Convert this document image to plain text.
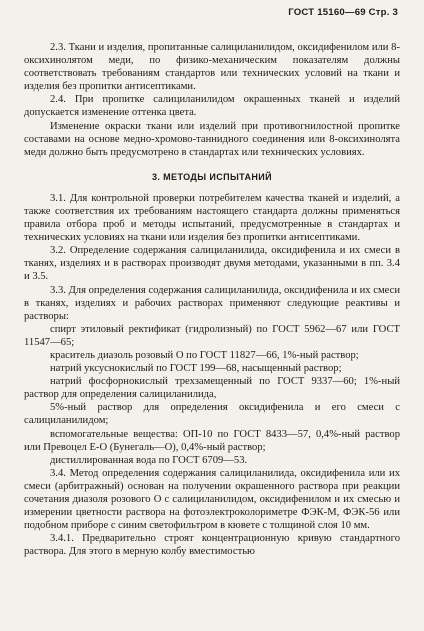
ГОСТ 15160—69 Стр. 3

2.3. Ткани и изделия, пропитанные салициланилидом, оксидифенилом или 8-оксихинолятом меди, по физико-механическим показателям должны соответствовать требованиям стандартов или технических условий на ткани и изделия без пропитки антисептиками.

2.4. При пропитке салициланилидом окрашенных тканей и изделий допускается изменение оттенка цвета.

Изменение окраски ткани или изделий при противогнилостной пропитке составами на основе медно-хромово-таннидного соединения или 8-оксихинолята меди должно быть предусмотрено в стандартах или технических условиях.

3. МЕТОДЫ ИСПЫТАНИЙ

3.1. Для контрольной проверки потребителем качества тканей и изделий, а также соответствия их требованиям настоящего стандарта должны применяться правила отбора проб и методы испытаний, предусмотренные в стандартах и технических условиях на ткани или изделия без пропитки антисептиками.

3.2. Определение содержания салициланилида, оксидифенила и их смеси в тканях, изделиях и в растворах производят двумя методами, указанными в пп. 3.4 и 3.5.

3.3. Для определения содержания салициланилида, оксидифенила и их смеси в тканях, изделиях и рабочих растворах применяют следующие реактивы и растворы:

спирт этиловый ректификат (гидролизный) по ГОСТ 5962—67 или ГОСТ 11547—65;

краситель диазоль розовый О по ГОСТ 11827—66, 1%-ный раствор;

натрий уксуснокислый по ГОСТ 199—68, насыщенный раствор;

натрий фосфорнокислый трехзамещенный по ГОСТ 9337—60; 1%-ный раствор для определения салициланилида,

5%-ный раствор для определения оксидифенила и его смеси с салициланилидом;

вспомогательные вещества: ОП-10 по ГОСТ 8433—57, 0,4%-ный раствор или Превоцел Е-О (Бунегаль—О), 0,4%-ный раствор;

дистиллированная вода по ГОСТ 6709—53.

3.4. Метод определения содержания салициланилида, оксидифенила или их смеси (арбитражный) основан на получении окрашенного раствора при реакции сочетания диазоля розового О с салициланилидом, оксидифенилом и их смесью и измерении цветности раствора на фотоэлектроколориметре ФЭК-М, ФЭК-56 или подобном приборе с синим светофильтром в кювете с толщиной слоя 10 мм.

3.4.1. Предварительно строят концентрационную кривую стандартного раствора. Для этого в мерную колбу вместимостью
